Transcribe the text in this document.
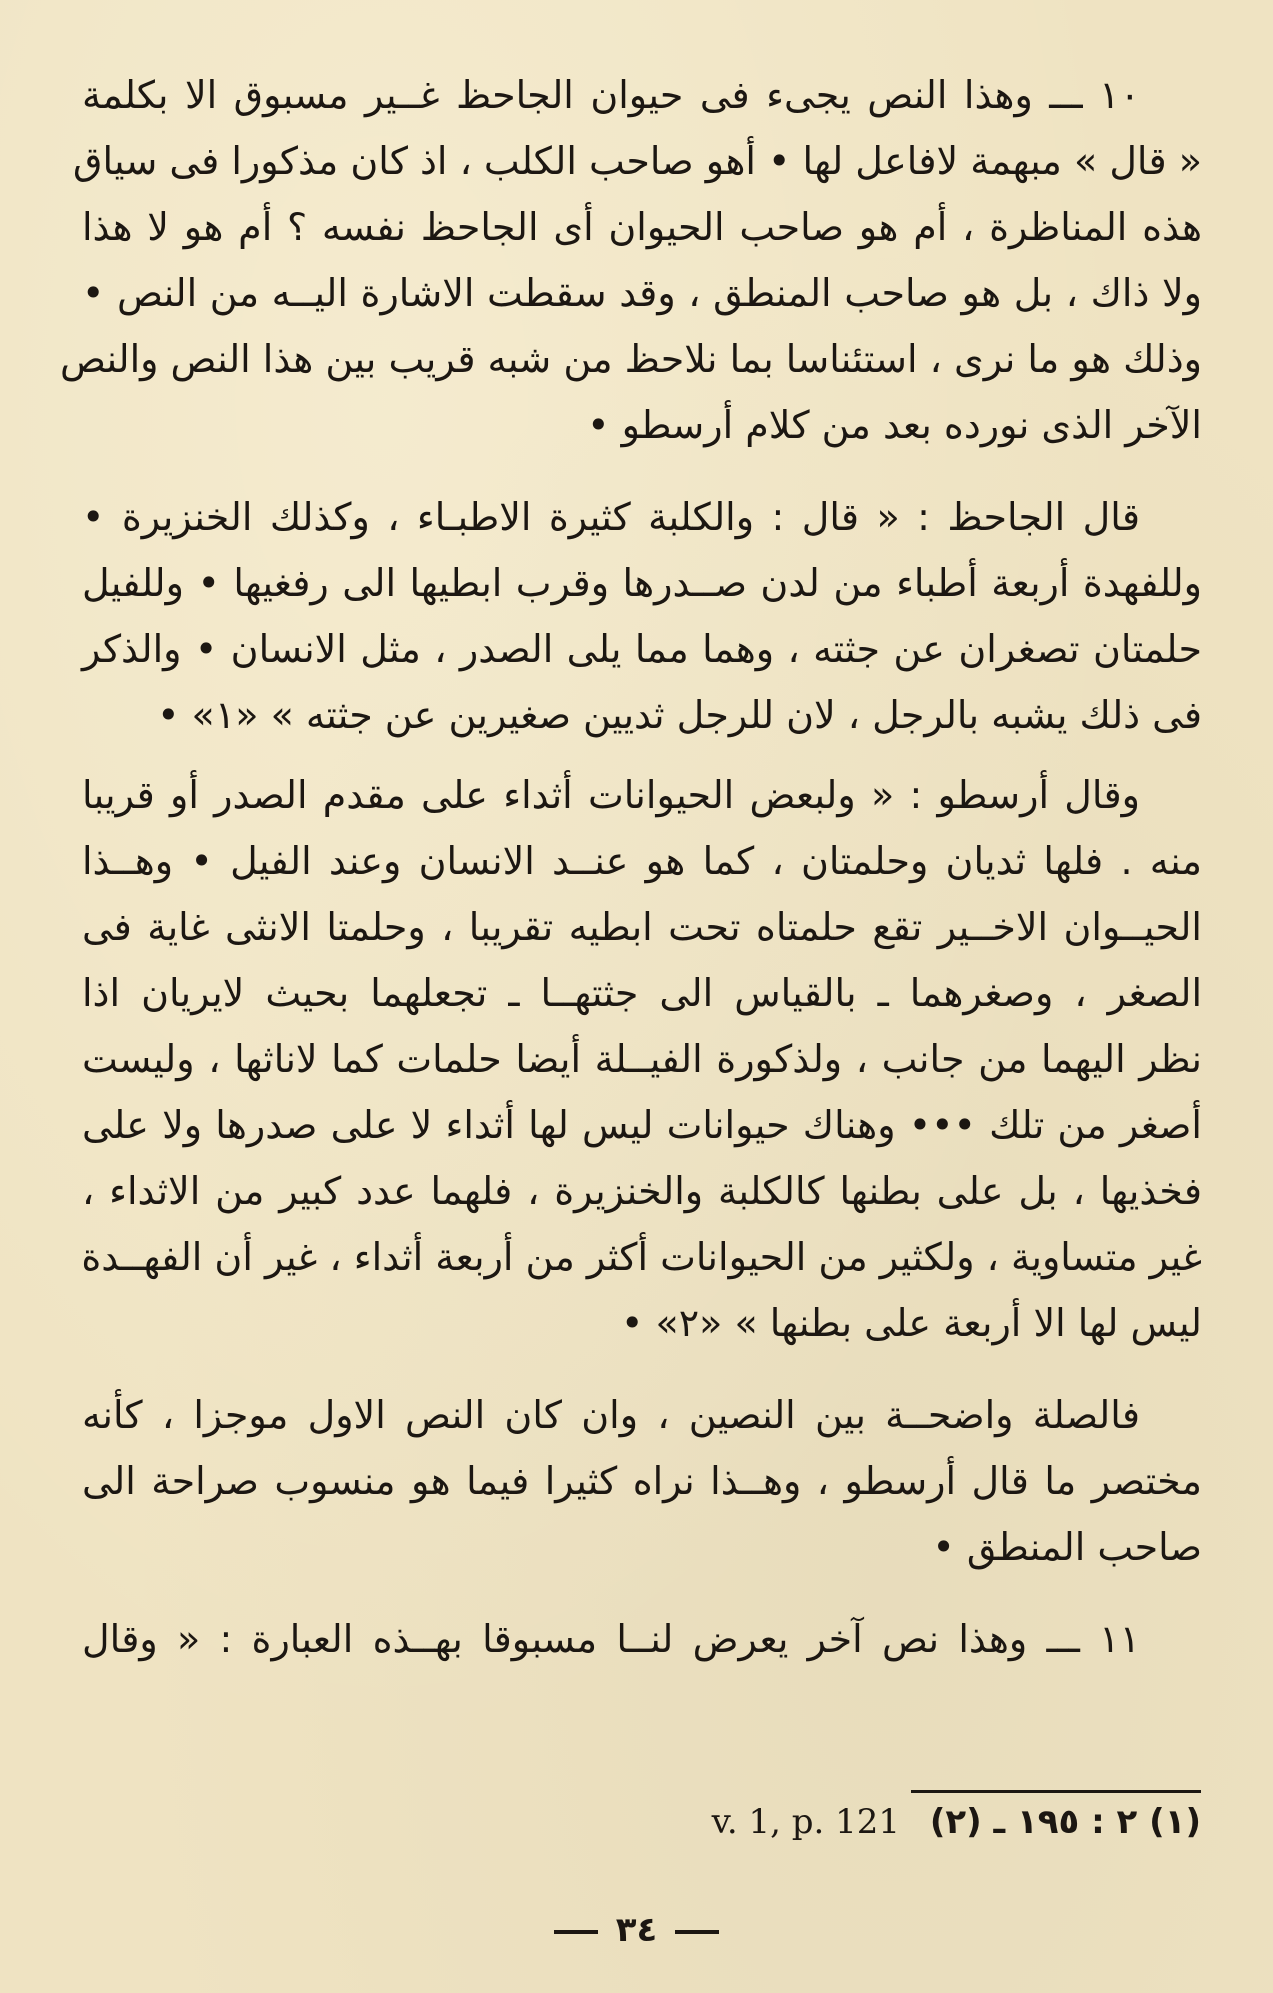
١٠ ـــ وهذا النص يجىء فى حيوان الجاحظ غــير مسبوق الا بكلمة
« قال » مبهمة لافاعل لها • أهو صاحب الكلب ، اذ كان مذكورا فى سياق
هذه المناظرة ، أم هو صاحب الحيوان أى الجاحظ نفسه ؟ أم هو لا هذا
ولا ذاك ، بل هو صاحب المنطق ، وقد سقطت الاشارة اليــه من النص •
وذلك هو ما نرى ، استئناسا بما نلاحظ من شبه قريب بين هذا النص والنص
الآخر الذى نورده بعد من كلام أرسطو •
قال الجاحظ : « قال : والكلبة كثيرة الاطبـاء ، وكذلك الخنزيرة •
وللفهدة أربعة أطباء من لدن صــدرها وقرب ابطيها الى رفغيها • وللفيل
حلمتان تصغران عن جثته ، وهما مما يلى الصدر ، مثل الانسان • والذكر
فى ذلك يشبه بالرجل ، لان للرجل ثديين صغيرين عن جثته » «١» •
وقال أرسطو : « ولبعض الحيوانات أثداء على مقدم الصدر أو قريبا
منه . فلها ثديان وحلمتان ، كما هو عنــد الانسان وعند الفيل • وهــذا
الحيــوان الاخــير تقع حلمتاه تحت ابطيه تقريبا ، وحلمتا الانثى غاية فى
الصغر ، وصغرهما ـ بالقياس الى جثتهــا ـ تجعلهما بحيث لايريان اذا
نظر اليهما من جانب ، ولذكورة الفيــلة أيضا حلمات كما لاناثها ، وليست
أصغر من تلك ••• وهناك حيوانات ليس لها أثداء لا على صدرها ولا على
فخذيها ، بل على بطنها كالكلبة والخنزيرة ، فلهما عدد كبير من الاثداء ،
غير متساوية ، ولكثير من الحيوانات أكثر من أربعة أثداء ، غير أن الفهــدة
ليس لها الا أربعة على بطنها » «٢» •
فالصلة واضحــة بين النصين ، وان كان النص الاول موجزا ، كأنه
مختصر ما قال أرسطو ، وهــذا نراه كثيرا فيما هو منسوب صراحة الى
صاحب المنطق •
١١ ـــ وهذا نص آخر يعرض لنــا مسبوقا بهــذه العبارة : « وقال
(١) ٢ : ١٩٥ ـ (٢) v. 1, p. 121
٣٤
